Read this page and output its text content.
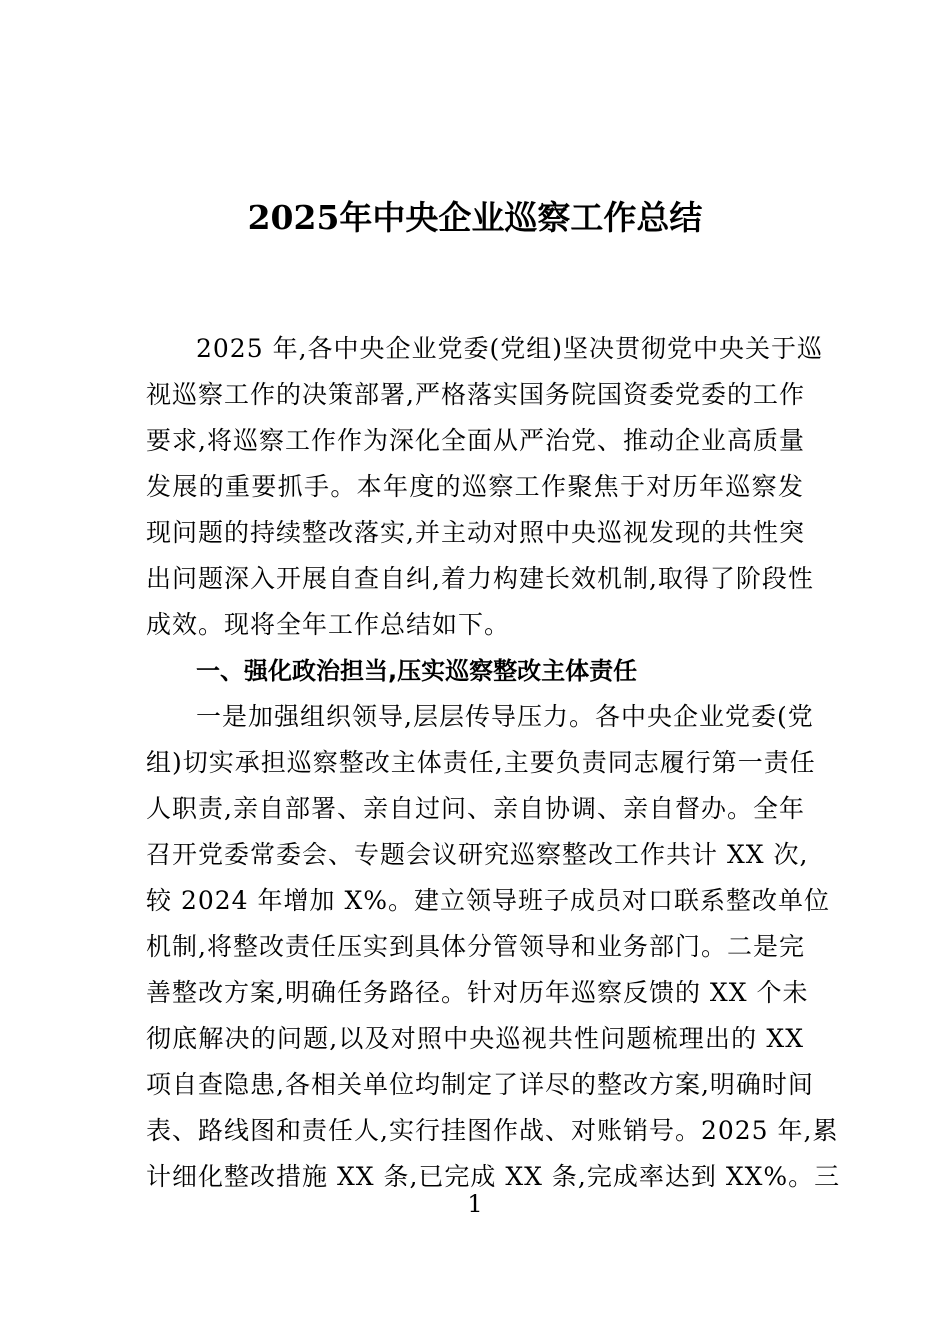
2025年中央企业巡察工作总结
2025 年,各中央企业党委(党组)坚决贯彻党中央关于巡
视巡察工作的决策部署,严格落实国务院国资委党委的工作
要求,将巡察工作作为深化全面从严治党、推动企业高质量
发展的重要抓手。本年度的巡察工作聚焦于对历年巡察发
现问题的持续整改落实,并主动对照中央巡视发现的共性突
出问题深入开展自查自纠,着力构建长效机制,取得了阶段性
成效。现将全年工作总结如下。
一、强化政治担当,压实巡察整改主体责任
一是加强组织领导,层层传导压力。各中央企业党委(党
组)切实承担巡察整改主体责任,主要负责同志履行第一责任
人职责,亲自部署、亲自过问、亲自协调、亲自督办。全年
召开党委常委会、专题会议研究巡察整改工作共计 XX 次,
较 2024 年增加 X%。建立领导班子成员对口联系整改单位
机制,将整改责任压实到具体分管领导和业务部门。二是完
善整改方案,明确任务路径。针对历年巡察反馈的 XX 个未
彻底解决的问题,以及对照中央巡视共性问题梳理出的 XX
项自查隐患,各相关单位均制定了详尽的整改方案,明确时间
表、路线图和责任人,实行挂图作战、对账销号。2025 年,累
计细化整改措施 XX 条,已完成 XX 条,完成率达到 XX%。三
1
